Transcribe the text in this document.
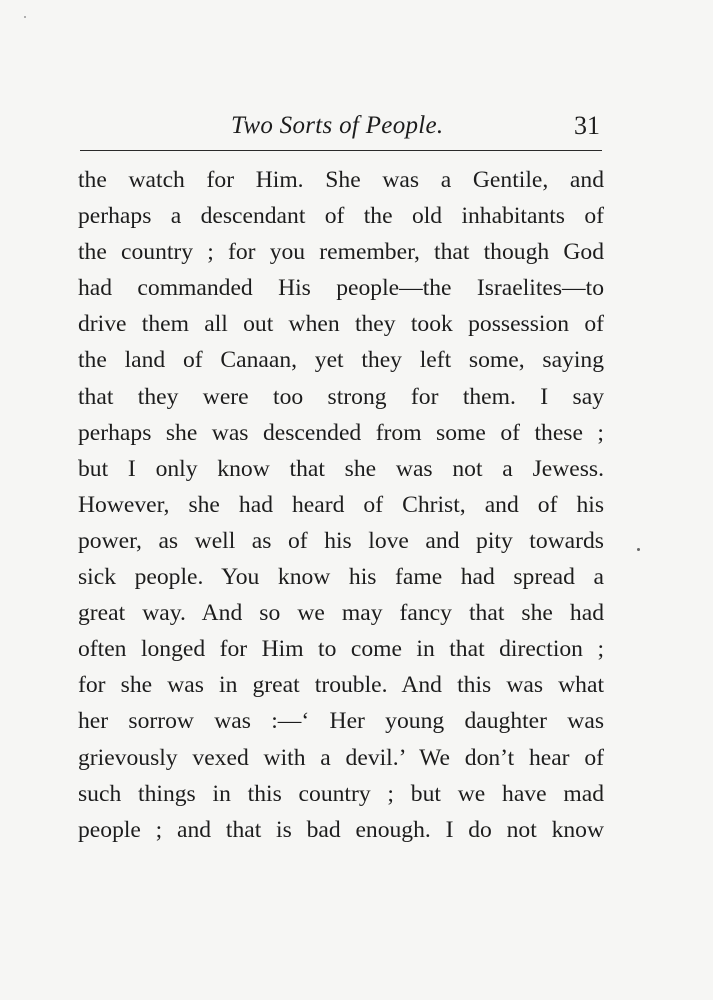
Two Sorts of People.	31
the watch for Him. She was a Gentile, and
perhaps a descendant of the old inhabitants of
the country ; for you remember, that though God
had commanded His people—the Israelites—to
drive them all out when they took possession of
the land of Canaan, yet they left some, saying
that they were too strong for them. I say
perhaps she was descended from some of these ;
but I only know that she was not a Jewess.
However, she had heard of Christ, and of his
power, as well as of his love and pity towards
sick people. You know his fame had spread a
great way. And so we may fancy that she had
often longed for Him to come in that direction ;
for she was in great trouble. And this was what
her sorrow was :—‘ Her young daughter was
grievously vexed with a devil.’ We don’t hear of
such things in this country ; but we have mad
people ; and that is bad enough. I do not know
